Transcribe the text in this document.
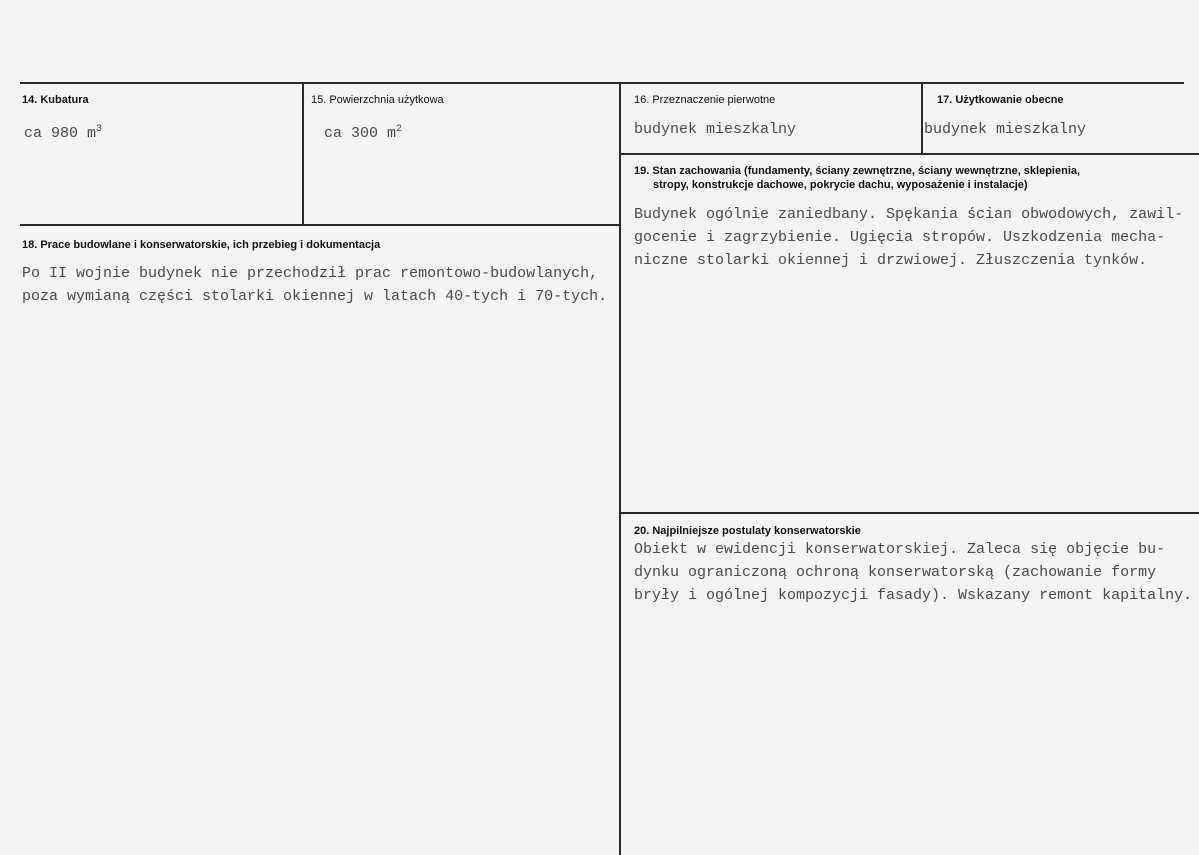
14. Kubatura
ca 980 $m^3$
15. Powierzchnia użytkowa
ca 300 $m^2$
16. Przeznaczenie pierwotne
budynek mieszkalny
17. Użytkowanie obecne
budynek mieszkalny
18. Prace budowlane i konserwatorskie, ich przebieg i dokumentacja
Po II wojnie budynek nie przechodził prac remontowo-budowlanych,
poza wymianą części stolarki okiennej w latach 40-tych i 70-tych.
19. Stan zachowania (fundamenty, ściany zewnętrzne, ściany wewnętrzne, sklepienia,
stropy, konstrukcje dachowe, pokrycie dachu, wyposażenie i instalacje)
Budynek ogólnie zaniedbany. Spękania ścian obwodowych, zawil-
gocenie i zagrzybienie. Ugięcia stropów. Uszkodzenia mecha-
niczne stolarki okiennej i drzwiowej. Złuszczenia tynków.
20. Najpilniejsze postulaty konserwatorskie
Obiekt w ewidencji konserwatorskiej. Zaleca się objęcie bu-
dynku ograniczoną ochroną konserwatorską (zachowanie formy
bryły i ogólnej kompozycji fasady). Wskazany remont kapitalny.
